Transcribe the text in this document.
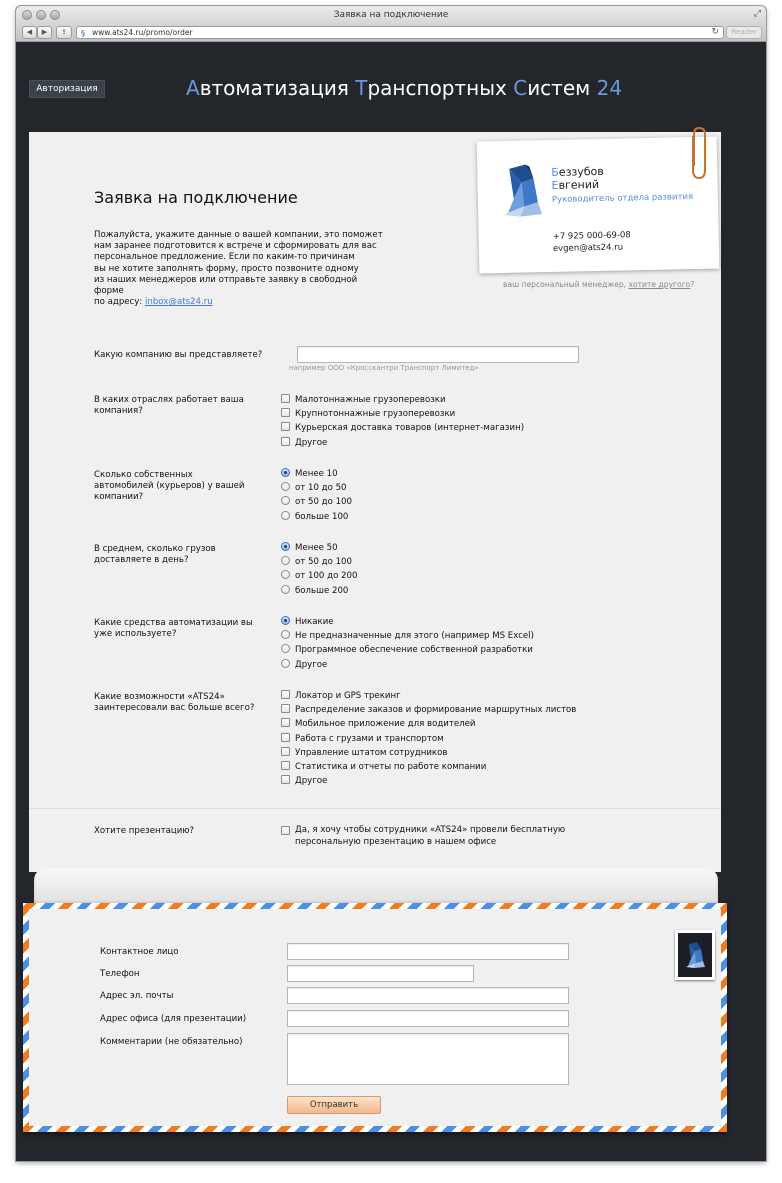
Заявка на подключение	⤢
◀	▶	⇪	§ www.ats24.ru/promo/order	↻	Reader
Авторизация	Автоматизация Транспортных Систем 24
Заявка на подключение
Пожалуйста, укажите данные о вашей компании, это поможет
нам заранее подготовится к встрече и сформировать для вас
персональное предложение. Если по каким-то причинам
вы не хотите заполнять форму, просто позвоните одному
из наших менеджеров или отправьте заявку в свободной форме
по адресу: inbox@ats24.ru
Беззубов
Евгений
Руководитель отдела развития
+7 925 000-69-08
evgen@ats24.ru
ваш персональный менеджер, хотите другого?
Какую компанию вы представляете?
например ООО «Кросскантри Транспорт Лимитед»
В каких отраслях работает ваша компания?
Малотоннажные грузоперевозки
Крупнотоннажные грузоперевозки
Курьерская доставка товаров (интернет-магазин)
Другое
Сколько собственных автомобилей (курьеров) у вашей компании?
Менее 10
от 10 до 50
от 50 до 100
больше 100
В среднем, сколько грузов доставляете в день?
Менее 50
от 50 до 100
от 100 до 200
больше 200
Какие средства автоматизации вы уже используете?
Никакие
Не предназначенные для этого (например MS Excel)
Программное обеспечение собственной разработки
Другое
Какие возможности «ATS24» заинтересовали вас больше всего?
Локатор и GPS трекинг
Распределение заказов и формирование маршрутных листов
Мобильное приложение для водителей
Работа с грузами и транспортом
Управление штатом сотрудников
Статистика и отчеты по работе компании
Другое
Хотите презентацию?	Да, я хочу чтобы сотрудники «ATS24» провели бесплатную персональную презентацию в нашем офисе
Контактное лицо
Телефон
Адрес эл. почты
Адрес офиса (для презентации)
Комментарии (не обязательно)
Отправить
